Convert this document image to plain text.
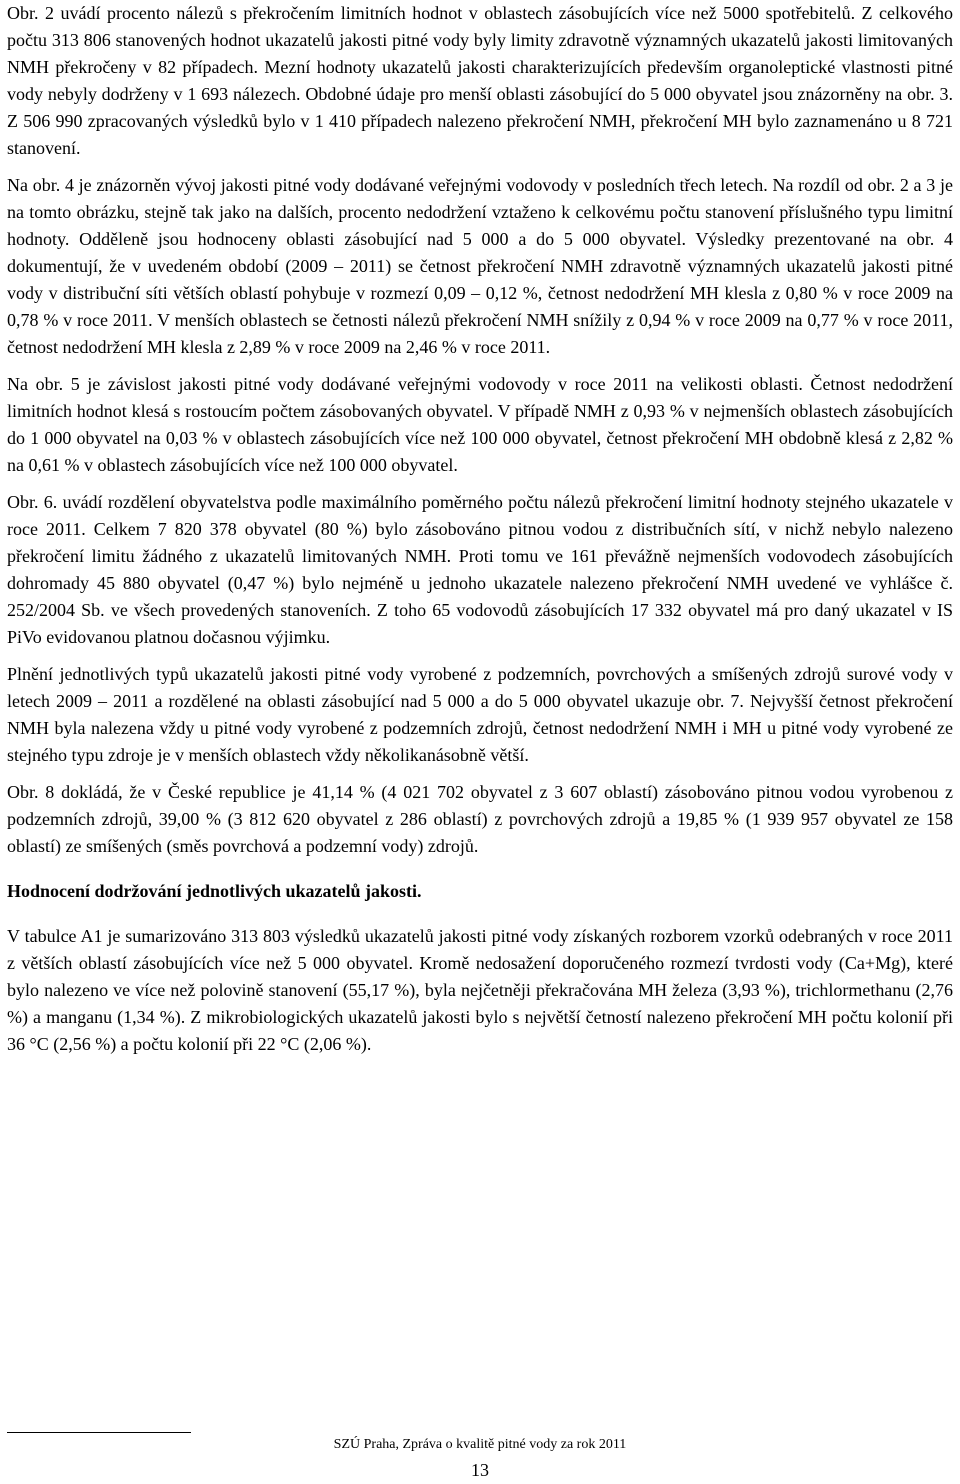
Obr. 2 uvádí procento nálezů s překročením limitních hodnot v oblastech zásobujících více než 5000 spotřebitelů. Z celkového počtu 313 806 stanovených hodnot ukazatelů jakosti pitné vody byly limity zdravotně významných ukazatelů jakosti limitovaných NMH překročeny v 82 případech. Mezní hodnoty ukazatelů jakosti charakterizujících především organoleptické vlastnosti pitné vody nebyly dodrženy v 1 693 nálezech. Obdobné údaje pro menší oblasti zásobující do 5 000 obyvatel jsou znázorněny na obr. 3. Z 506 990 zpracovaných výsledků bylo v 1 410 případech nalezeno překročení NMH, překročení MH bylo zaznamenáno u 8 721 stanovení.

Na obr. 4 je znázorněn vývoj jakosti pitné vody dodávané veřejnými vodovody v posledních třech letech. Na rozdíl od obr. 2 a 3 je na tomto obrázku, stejně tak jako na dalších, procento nedodržení vztaženo k celkovému počtu stanovení příslušného typu limitní hodnoty. Odděleně jsou hodnoceny oblasti zásobující nad 5 000 a do 5 000 obyvatel. Výsledky prezentované na obr. 4 dokumentují, že v uvedeném období (2009 – 2011) se četnost překročení NMH zdravotně významných ukazatelů jakosti pitné vody v distribuční síti větších oblastí pohybuje v rozmezí 0,09 – 0,12 %, četnost nedodržení MH klesla z 0,80 % v roce 2009 na 0,78 % v roce 2011. V menších oblastech se četnosti nálezů překročení NMH snížily z 0,94 % v roce 2009 na 0,77 % v roce 2011, četnost nedodržení MH klesla z 2,89 % v roce 2009 na 2,46 % v roce 2011.

Na obr. 5 je závislost jakosti pitné vody dodávané veřejnými vodovody v roce 2011 na velikosti oblasti. Četnost nedodržení limitních hodnot klesá s rostoucím počtem zásobovaných obyvatel. V případě NMH z 0,93 % v nejmenších oblastech zásobujících do 1 000 obyvatel na 0,03 % v oblastech zásobujících více než 100 000 obyvatel, četnost překročení MH obdobně klesá z 2,82 % na 0,61 % v oblastech zásobujících více než 100 000 obyvatel.

Obr. 6. uvádí rozdělení obyvatelstva podle maximálního poměrného počtu nálezů překročení limitní hodnoty stejného ukazatele v roce 2011. Celkem 7 820 378 obyvatel (80 %) bylo zásobováno pitnou vodou z distribučních sítí, v nichž nebylo nalezeno překročení limitu žádného z ukazatelů limitovaných NMH. Proti tomu ve 161 převážně nejmenších vodovodech zásobujících dohromady 45 880 obyvatel (0,47 %) bylo nejméně u jednoho ukazatele nalezeno překročení NMH uvedené ve vyhlášce č. 252/2004 Sb. ve všech provedených stanoveních. Z toho 65 vodovodů zásobujících 17 332 obyvatel má pro daný ukazatel v IS PiVo evidovanou platnou dočasnou výjimku.

Plnění jednotlivých typů ukazatelů jakosti pitné vody vyrobené z podzemních, povrchových a smíšených zdrojů surové vody v letech 2009 – 2011 a rozdělené na oblasti zásobující nad 5 000 a do 5 000 obyvatel ukazuje obr. 7. Nejvyšší četnost překročení NMH byla nalezena vždy u pitné vody vyrobené z podzemních zdrojů, četnost nedodržení NMH i MH u pitné vody vyrobené ze stejného typu zdroje je v menších oblastech vždy několikanásobně větší.

Obr. 8 dokládá, že v České republice je 41,14 % (4 021 702 obyvatel z 3 607 oblastí) zásobováno pitnou vodou vyrobenou z podzemních zdrojů, 39,00 % (3 812 620 obyvatel z 286 oblastí) z povrchových zdrojů a 19,85 % (1 939 957 obyvatel ze 158 oblastí) ze smíšených (směs povrchová a podzemní vody) zdrojů.

Hodnocení dodržování jednotlivých ukazatelů jakosti.

V tabulce A1 je sumarizováno 313 803 výsledků ukazatelů jakosti pitné vody získaných rozborem vzorků odebraných v roce 2011 z větších oblastí zásobujících více než 5 000 obyvatel. Kromě nedosažení doporučeného rozmezí tvrdosti vody (Ca+Mg), které bylo nalezeno ve více než polovině stanovení (55,17 %), byla nejčetněji překračována MH železa (3,93 %), trichlormethanu (2,76 %) a manganu (1,34 %). Z mikrobiologických ukazatelů jakosti bylo s největší četností nalezeno překročení MH počtu kolonií při 36 °C (2,56 %) a počtu kolonií při 22 °C (2,06 %).

SZÚ Praha, Zpráva o kvalitě pitné vody za rok 2011
13
